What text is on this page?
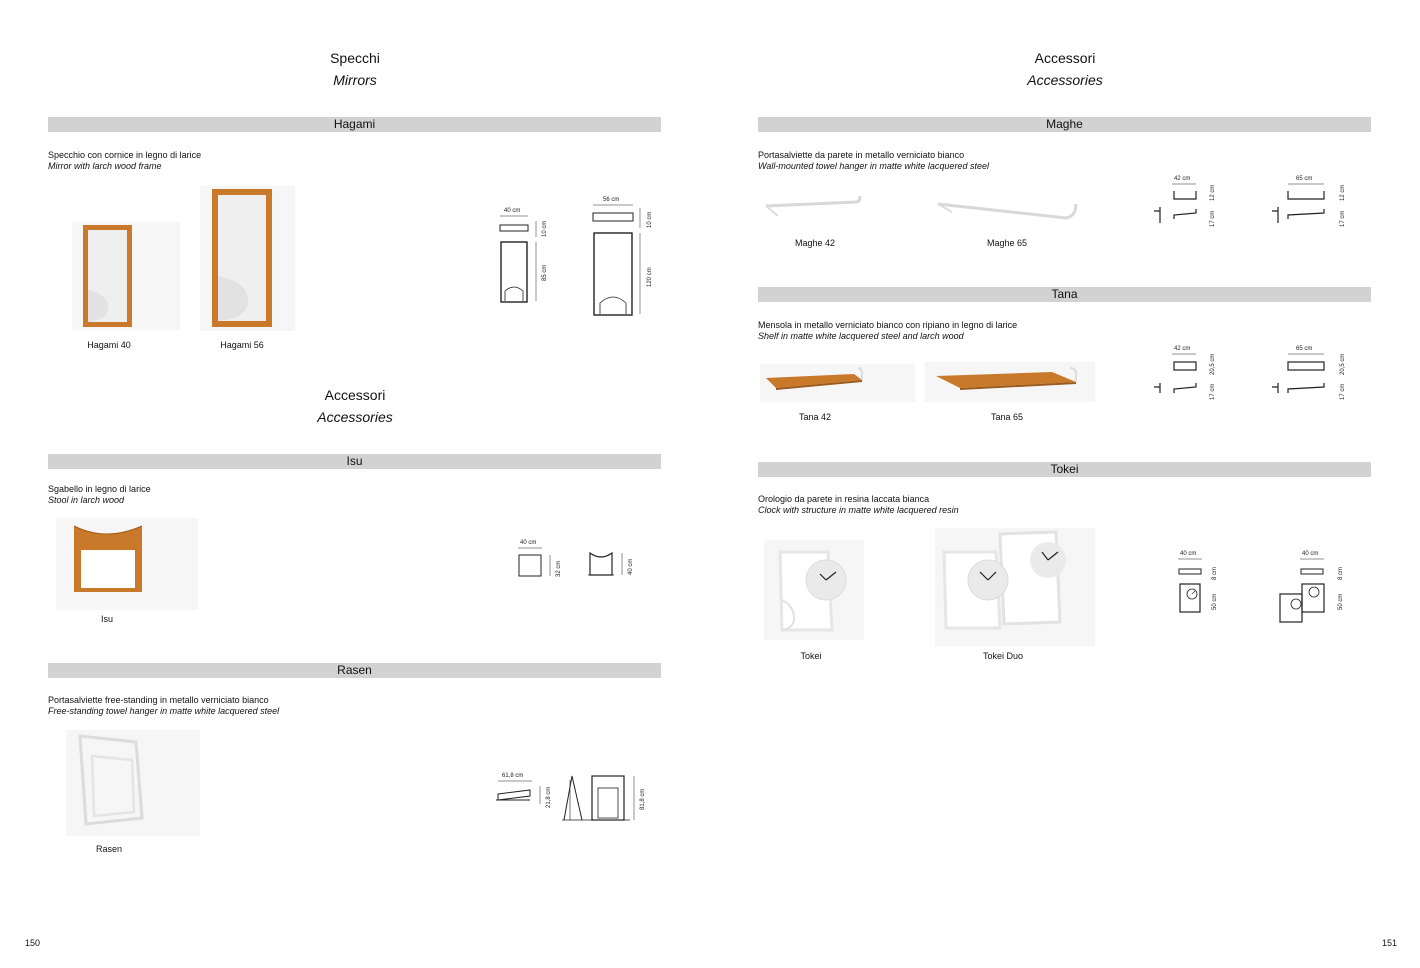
Specchi
Mirrors
Hagami
Specchio con cornice in legno di larice
Mirror with larch wood frame
Hagami 40	Hagami 56
40 cm
10 cm
85 cm
56 cm
10 cm
120 cm
Accessori
Accessories
Isu
Sgabello in legno di larice
Stool in larch wood
Isu
40 cm
32 cm	40 cm
Rasen
Portasalviette free-standing in metallo verniciato bianco
Free-standing towel hanger in matte white lacquered steel
Rasen
61,8 cm
21,8 cm	81,8 cm
150
Accessori
Accessories
Maghe
Portasalviette da parete in metallo verniciato bianco
Wall-mounted towel hanger in matte white lacquered steel
Maghe 42	Maghe 65
42 cm
12 cm
17 cm
65 cm
12 cm
17 cm
Tana
Mensola in metallo verniciato bianco con ripiano in legno di larice
Shelf in matte white lacquered steel and larch wood
Tana 42	Tana 65
42 cm
20,5 cm
17 cm
65 cm
20,5 cm
17 cm
Tokei
Orologio da parete in resina laccata bianca
Clock with structure in matte white lacquered resin
Tokei	Tokei Duo
40 cm
8 cm
50 cm
40 cm
8 cm
50 cm
151
